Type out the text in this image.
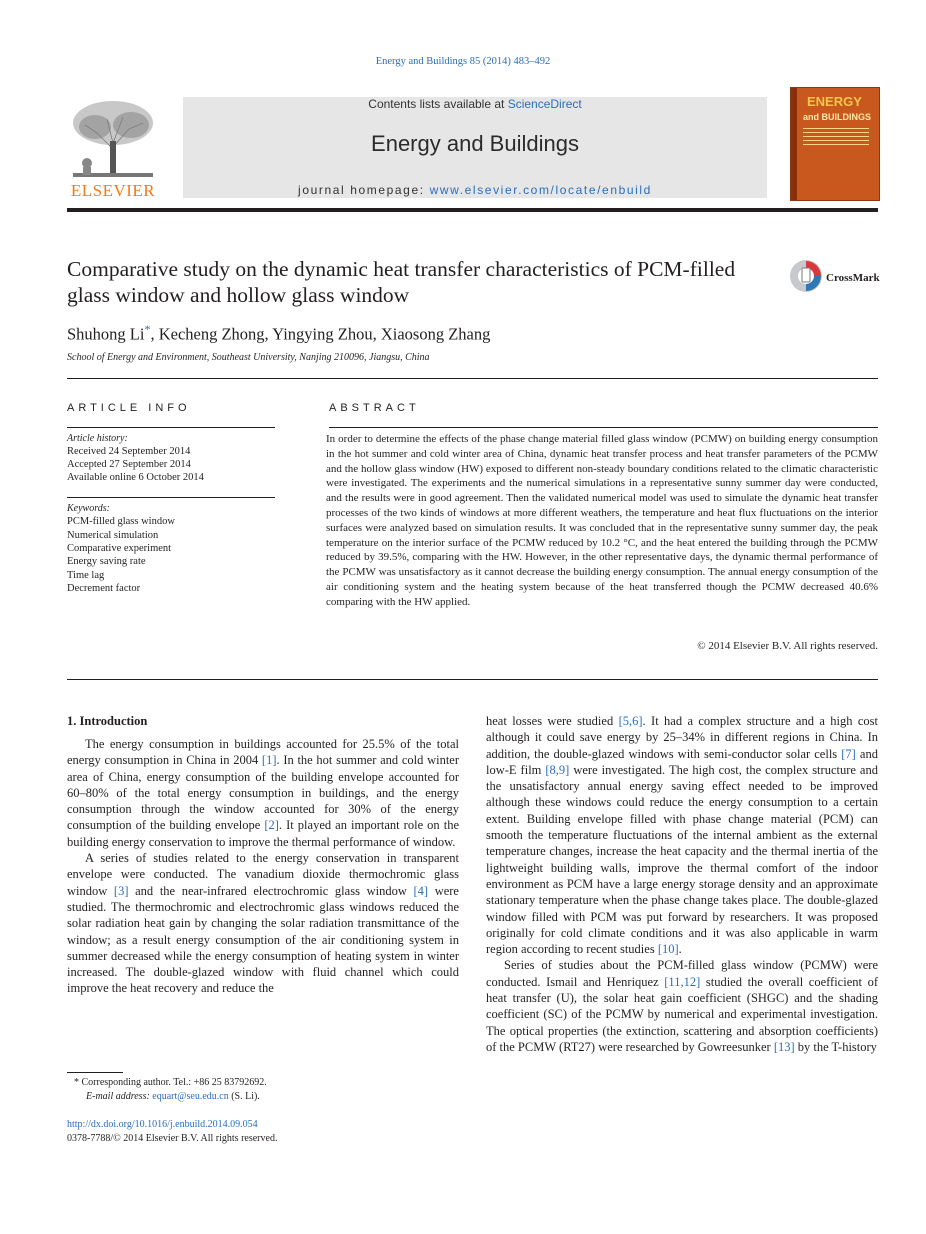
Energy and Buildings 85 (2014) 483–492
ELSEVIER
Contents lists available at ScienceDirect
Energy and Buildings
journal homepage: www.elsevier.com/locate/enbuild
ENERGY
and BUILDINGS
Comparative study on the dynamic heat transfer characteristics of PCM-filled glass window and hollow glass window
CrossMark
Shuhong Li*, Kecheng Zhong, Yingying Zhou, Xiaosong Zhang
School of Energy and Environment, Southeast University, Nanjing 210096, Jiangsu, China
ARTICLE INFO
Article history:
Received 24 September 2014
Accepted 27 September 2014
Available online 6 October 2014
Keywords:
PCM-filled glass window
Numerical simulation
Comparative experiment
Energy saving rate
Time lag
Decrement factor
ABSTRACT
In order to determine the effects of the phase change material filled glass window (PCMW) on building energy consumption in the hot summer and cold winter area of China, dynamic heat transfer process and heat transfer parameters of the PCMW and the hollow glass window (HW) exposed to different non-steady boundary conditions related to the climatic characteristic were investigated. The experiments and the numerical simulations in a representative sunny summer day were conducted, and the results were in good agreement. Then the validated numerical model was used to simulate the dynamic heat transfer processes of the two kinds of windows at more different weathers, the temperature and heat flux fluctuations on the interior surfaces were analyzed based on simulation results. It was concluded that in the representative sunny summer day, the peak temperature on the interior surface of the PCMW reduced by 10.2 °C, and the heat entered the building through the PCMW reduced by 39.5%, comparing with the HW. However, in the other representative days, the dynamic thermal performance of the PCMW was unsatisfactory as it cannot decrease the building energy consumption. The annual energy consumption of the air conditioning system and the heating system because of the heat transferred though the PCMW decreased 40.6% comparing with the HW applied.
© 2014 Elsevier B.V. All rights reserved.
1. Introduction

The energy consumption in buildings accounted for 25.5% of the total energy consumption in China in 2004 [1]. In the hot summer and cold winter area of China, energy consumption of the building envelope accounted for 60–80% of the total energy consumption in buildings, and the energy consumption through the window accounted for 30% of the energy consumption of the building envelope [2]. It played an important role on the building energy conservation to improve the thermal performance of window.

A series of studies related to the energy conservation in transparent envelope were conducted. The vanadium dioxide thermochromic glass window [3] and the near-infrared electrochromic glass window [4] were studied. The thermochromic and electrochromic glass windows reduced the solar radiation heat gain by changing the solar radiation transmittance of the window; as a result energy consumption of the air conditioning system in summer decreased while the energy consumption of heating system in winter increased. The double-glazed window with fluid channel which could improve the heat recovery and reduce the

heat losses were studied [5,6]. It had a complex structure and a high cost although it could save energy by 25–34% in different regions in China. In addition, the double-glazed windows with semi-conductor solar cells [7] and low-E film [8,9] were investigated. The high cost, the complex structure and the unsatisfactory annual energy saving effect needed to be improved although these windows could reduce the energy consumption to a certain extent. Building envelope filled with phase change material (PCM) can smooth the temperature fluctuations of the internal ambient as the external temperature changes, increase the heat capacity and the thermal inertia of the lightweight building walls, improve the thermal comfort of the indoor environment as PCM have a large energy storage density and an approximate stationary temperature when the phase change takes place. The double-glazed window filled with PCM was put forward by researchers. It was proposed originally for cold climate conditions and it was also applicable in warm region according to recent studies [10].

Series of studies about the PCM-filled glass window (PCMW) were conducted. Ismail and Henriquez [11,12] studied the overall coefficient of heat transfer (U), the solar heat gain coefficient (SHGC) and the shading coefficient (SC) of the PCMW by numerical and experimental investigation. The optical properties (the extinction, scattering and absorption coefficients) of the PCMW (RT27) were researched by Gowreesunker [13] by the T-history

* Corresponding author. Tel.: +86 25 83792692.
E-mail address: equart@seu.edu.cn (S. Li).
http://dx.doi.org/10.1016/j.enbuild.2014.09.054
0378-7788/© 2014 Elsevier B.V. All rights reserved.
